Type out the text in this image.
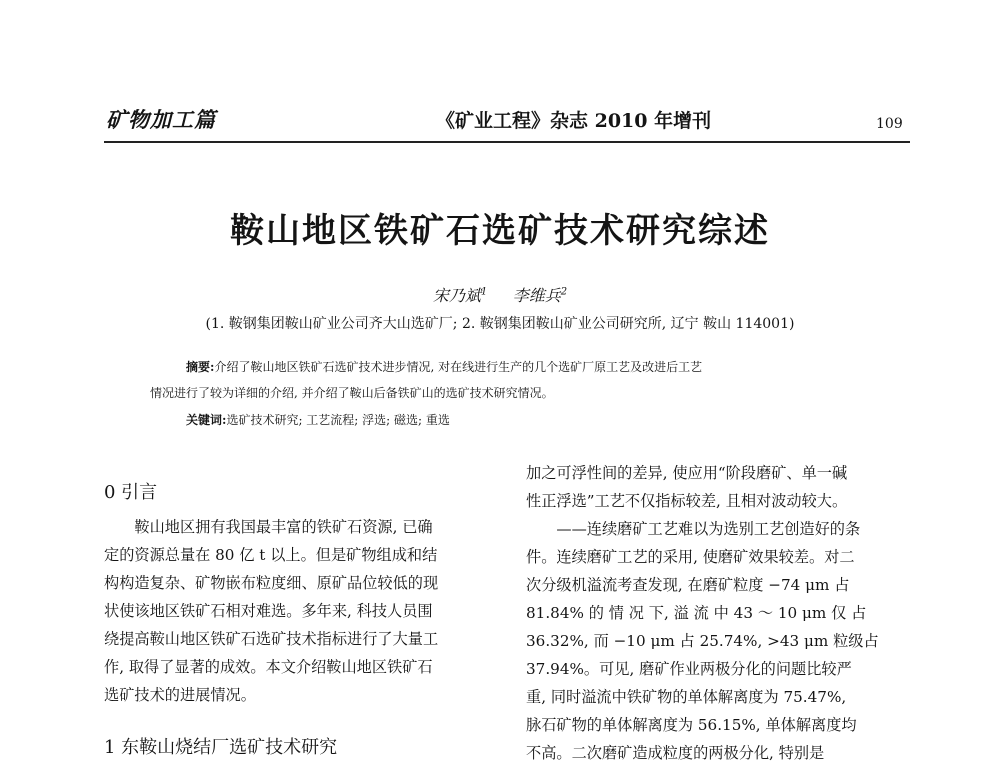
矿物加工篇	《矿业工程》杂志 2010 年增刊	109
鞍山地区铁矿石选矿技术研究综述
宋乃斌$^1$ 李维兵$^2$
(1. 鞍钢集团鞍山矿业公司齐大山选矿厂; 2. 鞍钢集团鞍山矿业公司研究所, 辽宁 鞍山 114001)
摘要:介绍了鞍山地区铁矿石选矿技术进步情况, 对在线进行生产的几个选矿厂原工艺及改进后工艺
情况进行了较为详细的介绍, 并介绍了鞍山后备铁矿山的选矿技术研究情况。
关键词:选矿技术研究; 工艺流程; 浮选; 磁选; 重选
0 引言
　　鞍山地区拥有我国最丰富的铁矿石资源, 已确
定的资源总量在 80 亿 t 以上。但是矿物组成和结
构构造复杂、矿物嵌布粒度细、原矿品位较低的现
状使该地区铁矿石相对难选。多年来, 科技人员围
绕提高鞍山地区铁矿石选矿技术指标进行了大量工
作, 取得了显著的成效。本文介绍鞍山地区铁矿石
选矿技术的进展情况。
1 东鞍山烧结厂选矿技术研究
加之可浮性间的差异, 使应用“阶段磨矿、单一碱
性正浮选”工艺不仅指标较差, 且相对波动较大。
　　——连续磨矿工艺难以为选别工艺创造好的条
件。连续磨矿工艺的采用, 使磨矿效果较差。对二
次分级机溢流考查发现, 在磨矿粒度 −74 μm 占
81.84% 的 情 况 下, 溢 流 中 43 ～ 10 μm 仅 占
36.32%, 而 −10 μm 占 25.74%, >43 μm 粒级占
37.94%。可见, 磨矿作业两极分化的问题比较严
重, 同时溢流中铁矿物的单体解离度为 75.47%,
脉石矿物的单体解离度为 56.15%, 单体解离度均
不高。二次磨矿造成粒度的两极分化, 特别是
